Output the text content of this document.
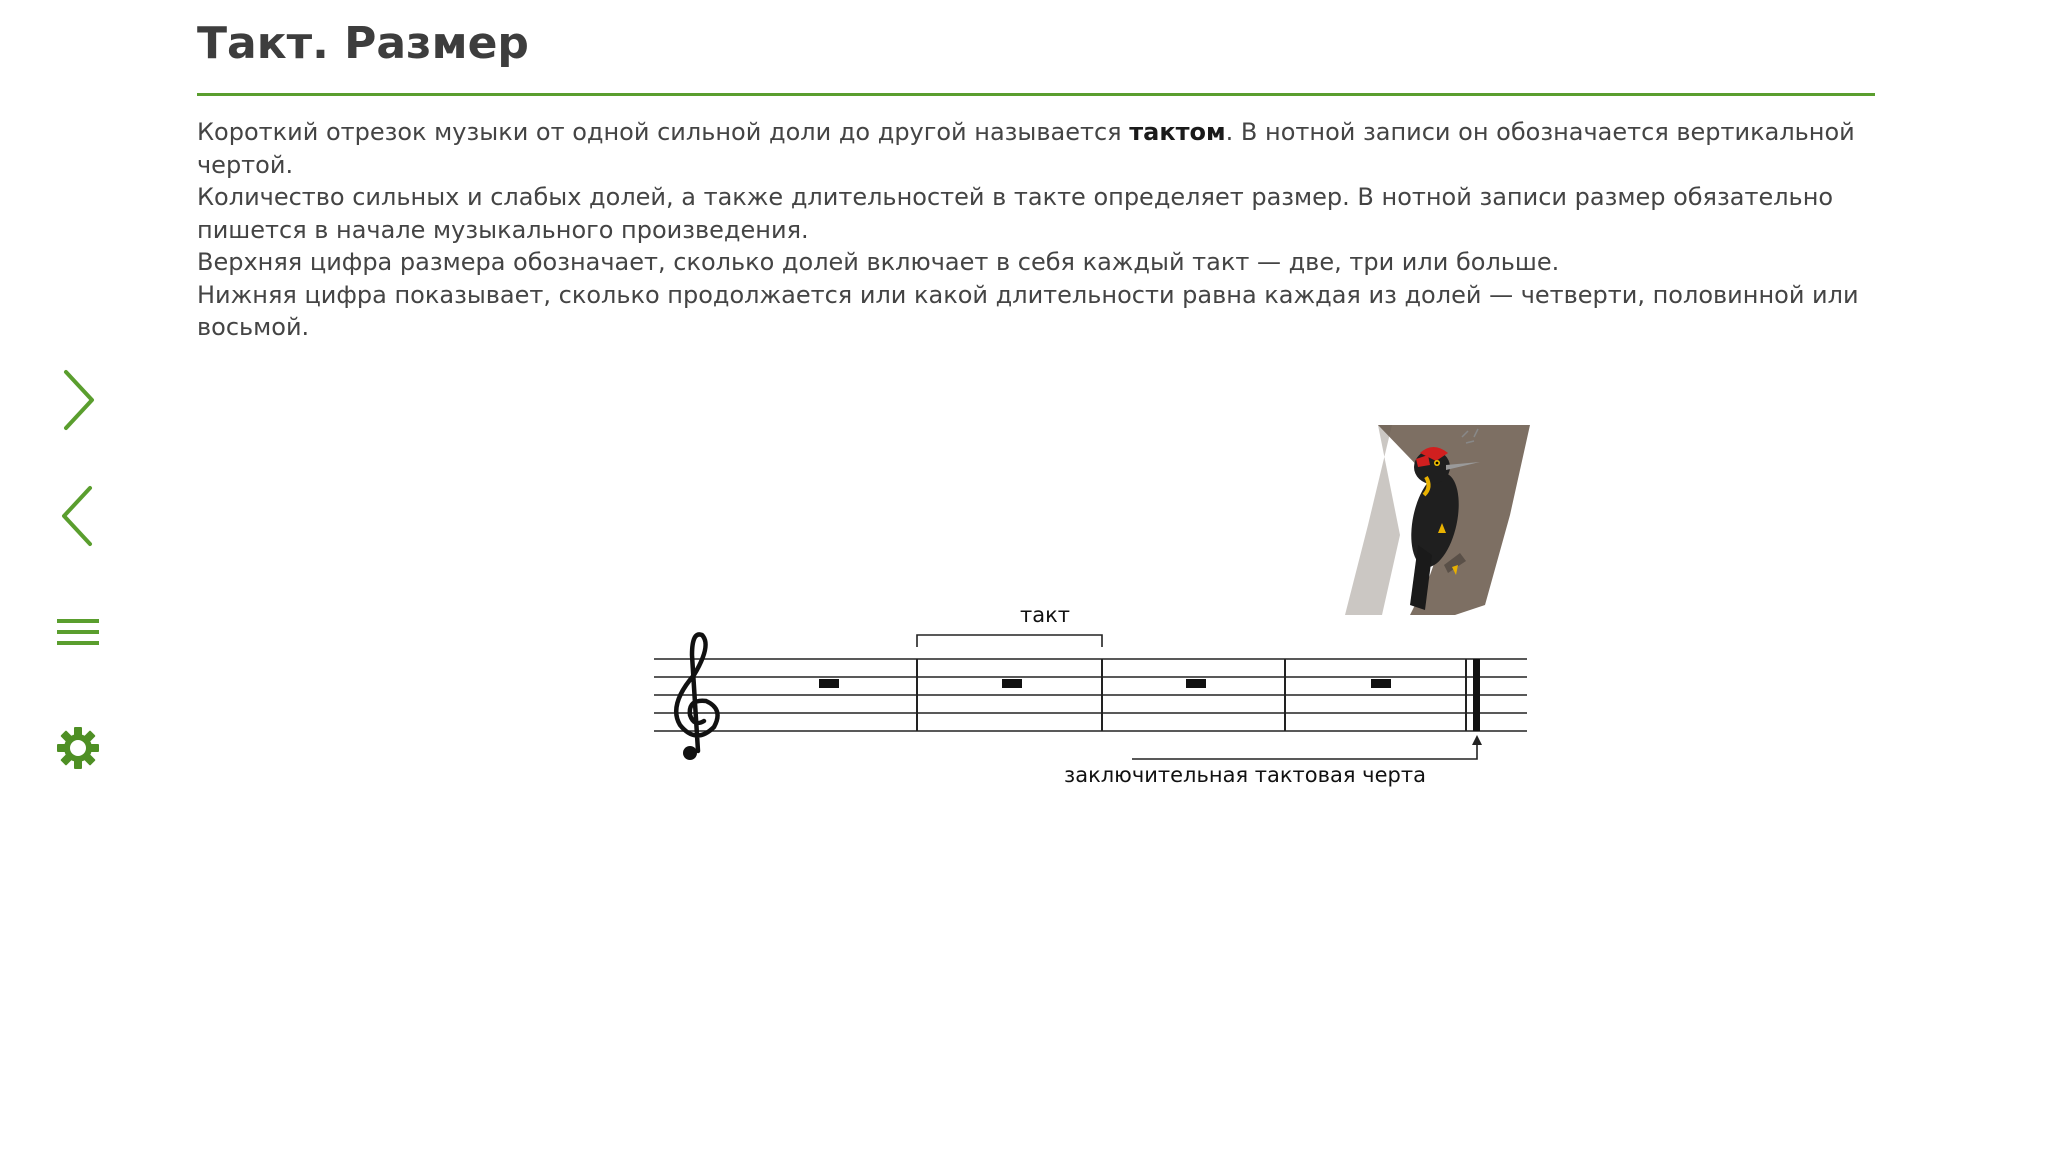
Такт. Размер

Короткий отрезок музыки от одной сильной доли до другой называется тактом. В нотной записи он обозначается вертикальной чертой.

Количество сильных и слабых долей, а также длительностей в такте определяет размер. В нотной записи размер обязательно пишется в начале музыкального произведения.

Верхняя цифра размера обозначает, сколько долей включает в себя каждый такт — две, три или больше.

Нижняя цифра показывает, сколько продолжается или какой длительности равна каждая из долей — четверти, половинной или восьмой.

такт
заключительная тактовая черта
